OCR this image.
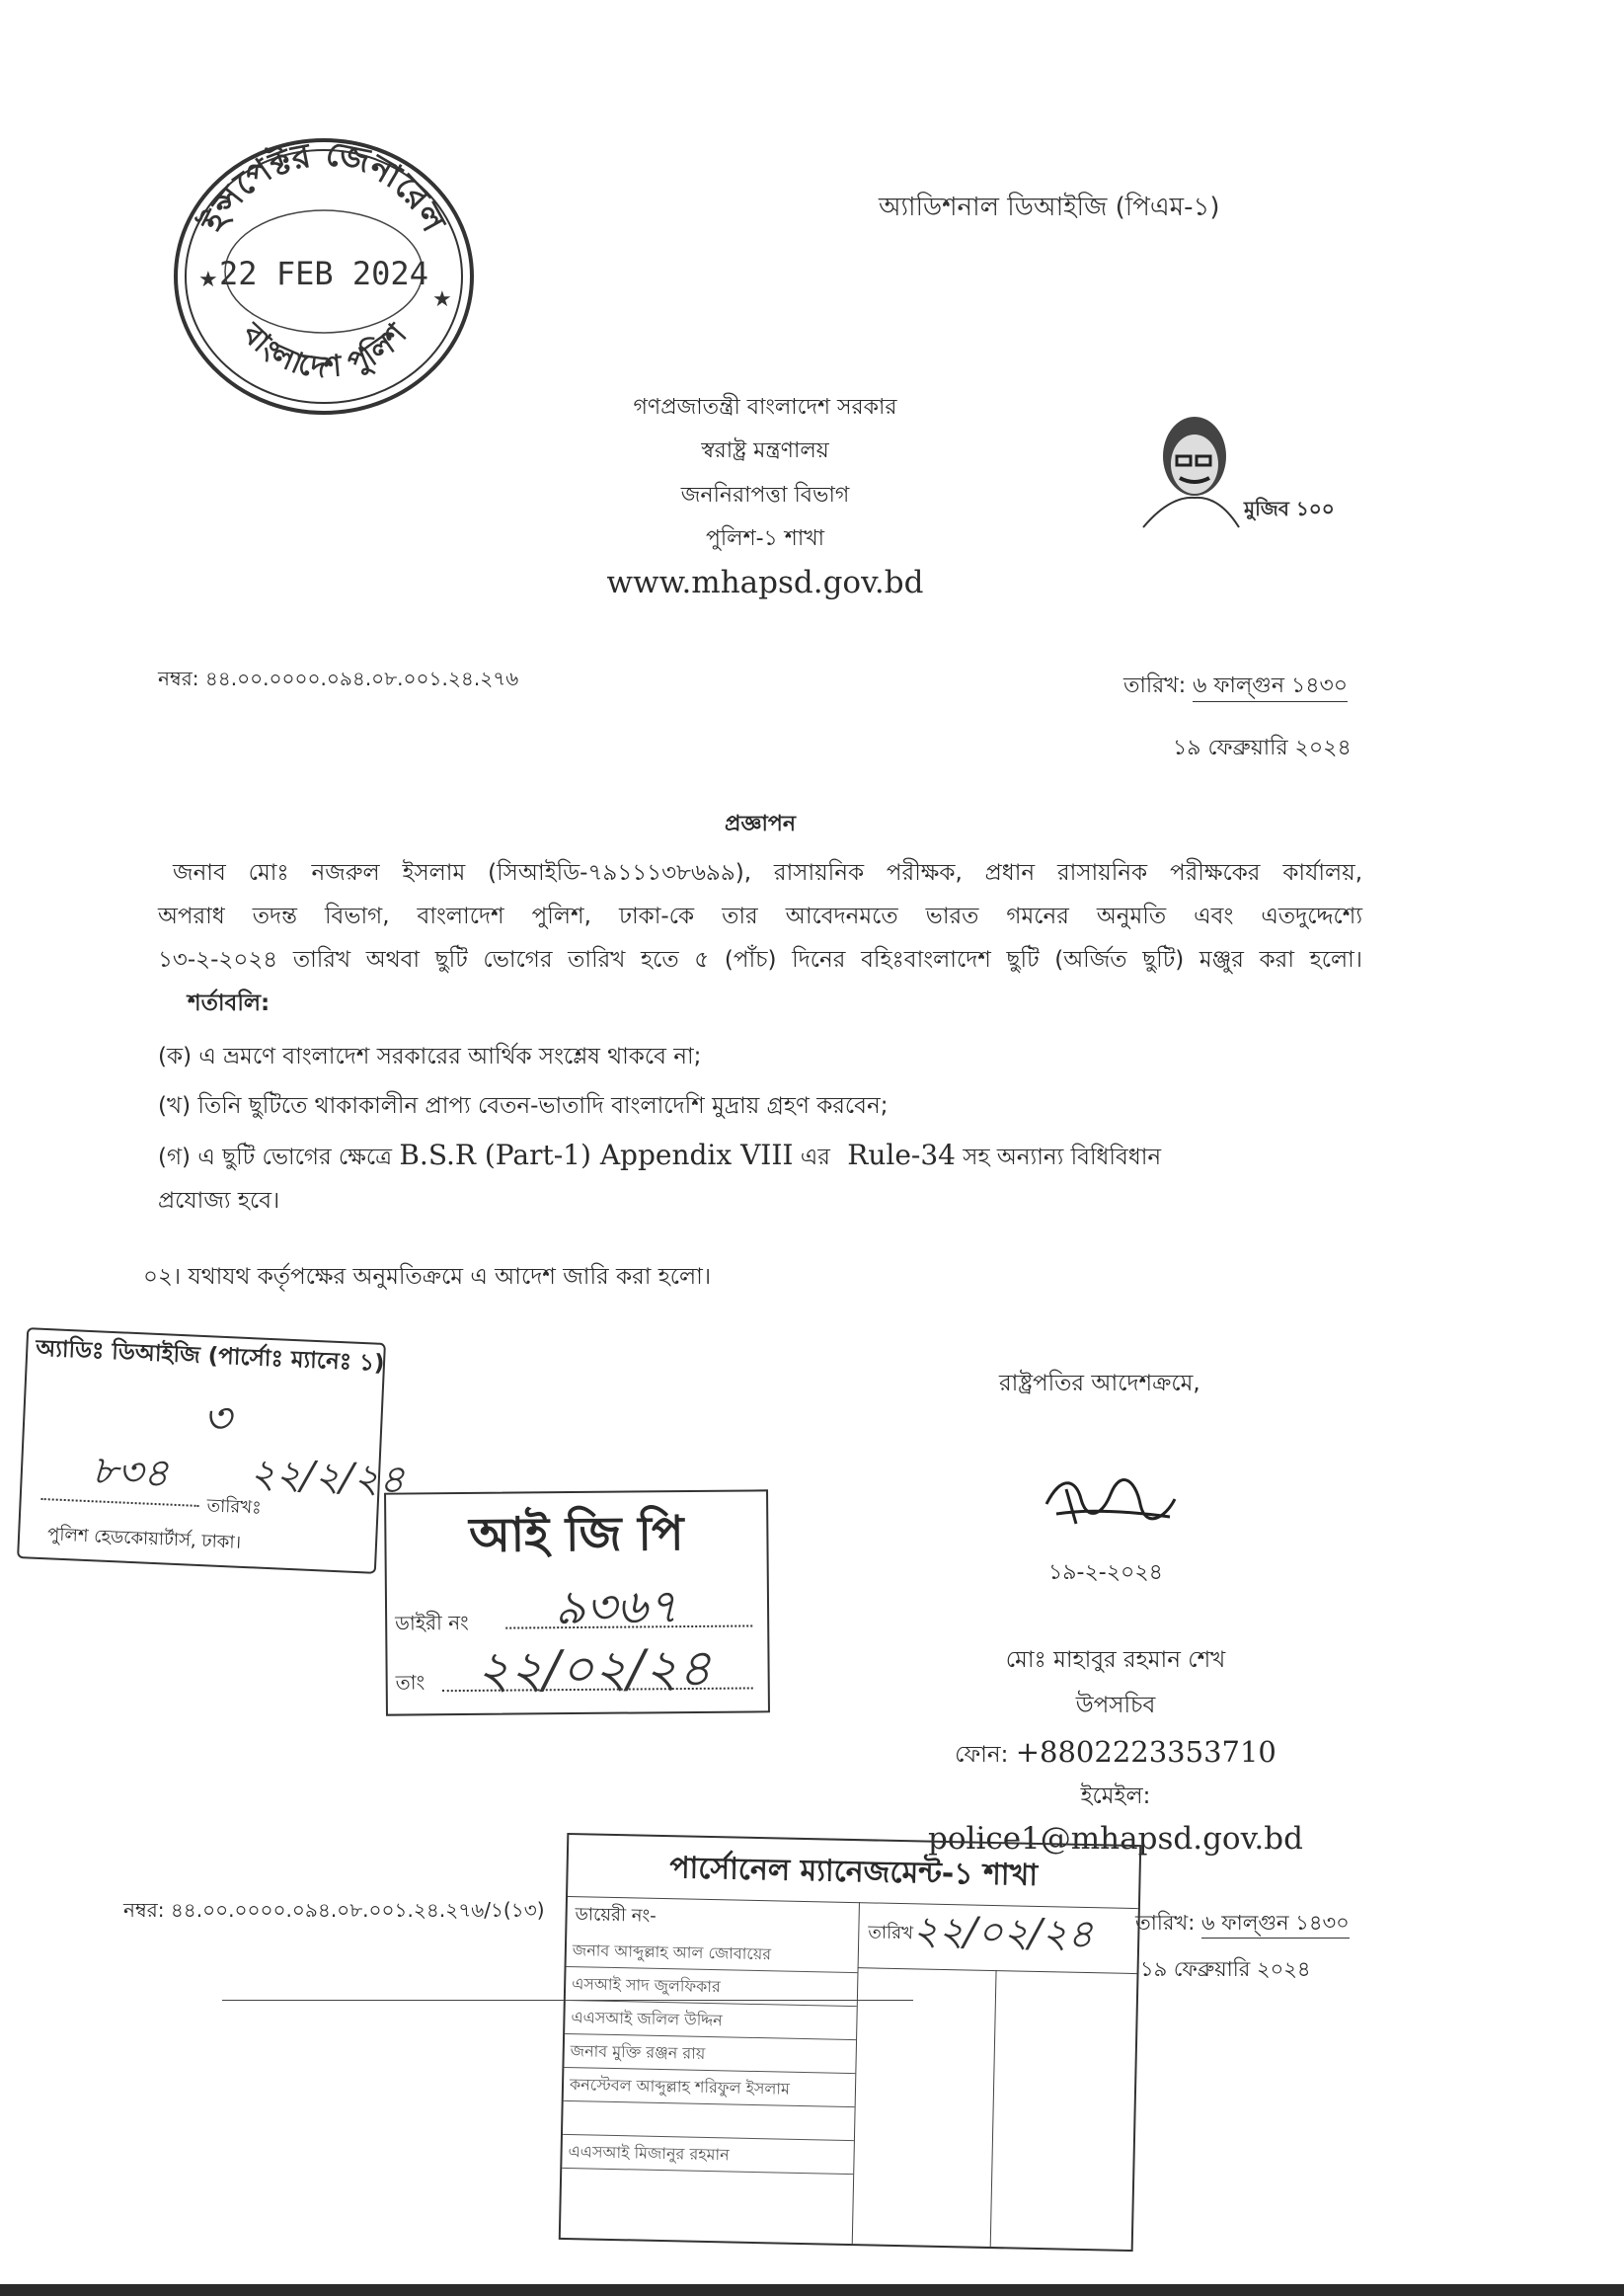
ইন্সপেক্টর জেনারেল
বাংলাদেশ পুলিশ
22 FEB 2024
★
★
অ্যাডিশনাল ডিআইজি (পিএম-১)
গণপ্রজাতন্ত্রী বাংলাদেশ সরকার
স্বরাষ্ট্র মন্ত্রণালয়
জননিরাপত্তা বিভাগ
পুলিশ-১ শাখা
www.mhapsd.gov.bd
মুজিব ১০০
নম্বর: ৪৪.০০.০০০০.০৯৪.০৮.০০১.২৪.২৭৬	তারিখ: ৬ ফাল্গুন ১৪৩০
১৯ ফেব্রুয়ারি ২০২৪
প্রজ্ঞাপন
জনাব মোঃ নজরুল ইসলাম (সিআইডি-৭৯১১১৩৮৬৯৯), রাসায়নিক পরীক্ষক, প্রধান রাসায়নিক পরীক্ষকের কার্যালয়,
অপরাধ তদন্ত বিভাগ, বাংলাদেশ পুলিশ, ঢাকা-কে তার আবেদনমতে ভারত গমনের অনুমতি এবং এতদুদ্দেশ্যে
১৩-২-২০২৪ তারিখ অথবা ছুটি ভোগের তারিখ হতে ৫ (পাঁচ) দিনের বহিঃবাংলাদেশ ছুটি (অর্জিত ছুটি) মঞ্জুর করা হলো।
শর্তাবলি:
(ক) এ ভ্রমণে বাংলাদেশ সরকারের আর্থিক সংশ্লেষ থাকবে না;
(খ) তিনি ছুটিতে থাকাকালীন প্রাপ্য বেতন-ভাতাদি বাংলাদেশি মুদ্রায় গ্রহণ করবেন;
(গ) এ ছুটি ভোগের ক্ষেত্রে B.S.R (Part-1) Appendix VIII এর Rule-34 সহ অন্যান্য বিধিবিধান
প্রযোজ্য হবে।
০২। যথাযথ কর্তৃপক্ষের অনুমতিক্রমে এ আদেশ জারি করা হলো।
রাষ্ট্রপতির আদেশক্রমে,
১৯-২-২০২৪
মোঃ মাহাবুর রহমান শেখ
উপসচিব
ফোন: +8802223353710
ইমেইল:
police1@mhapsd.gov.bd
অ্যাডিঃ ডিআইজি (পার্সোঃ ম্যানেঃ ১)
৩
৮৩৪ ২২/২/২৪
তারিখঃ
পুলিশ হেডকোয়ার্টার্স, ঢাকা।	আই জি পি
ডাইরী নং ৯৩৬৭
তাং ২২/০২/২৪
নম্বর: ৪৪.০০.০০০০.০৯৪.০৮.০০১.২৪.২৭৬/১(১৩)
তারিখ: ৬ ফাল্গুন ১৪৩০
১৯ ফেব্রুয়ারি ২০২৪
পার্সোনেল ম্যানেজমেন্ট-১ শাখা
ডায়েরী নং-
তারিখ
২২/০২/২৪
জনাব আব্দুল্লাহ আল জোবায়ের
এসআই সাদ জুলফিকার
এএসআই জলিল উদ্দিন
জনাব মুক্তি রঞ্জন রায়
কনস্টেবল আব্দুল্লাহ শরিফুল ইসলাম
এএসআই মিজানুর রহমান
